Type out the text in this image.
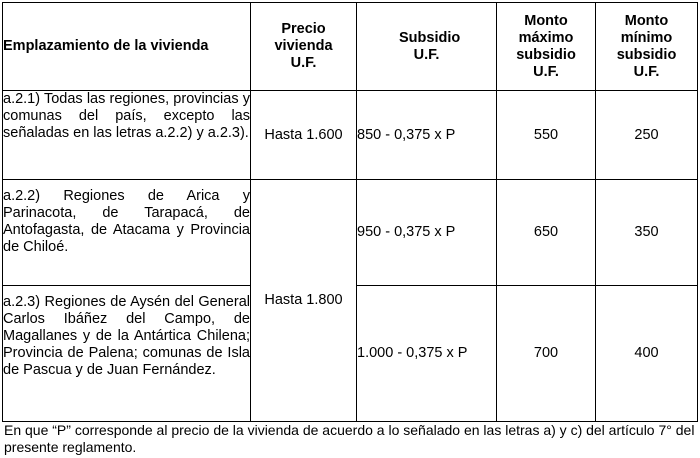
Emplazamiento de la vivienda	Precio vivienda U.F.	Subsidio U.F.	Monto máximo subsidio U.F.	Monto mínimo subsidio U.F.
a.2.1) Todas las regiones, provincias y comunas del país, excepto las señaladas en las letras a.2.2) y a.2.3).	Hasta 1.600	850 - 0,375 x P	550	250
a.2.2) Regiones de Arica y Parinacota, de Tarapacá, de Antofagasta, de Atacama y Provincia de Chiloé.	Hasta 1.800	950 - 0,375 x P	650	350
a.2.3) Regiones de Aysén del General Carlos Ibáñez del Campo, de Magallanes y de la Antártica Chilena; Provincia de Palena; comunas de Isla de Pascua y de Juan Fernández.		1.000 - 0,375 x P	700	400
En que “P” corresponde al precio de la vivienda de acuerdo a lo señalado en las letras a) y c) del artículo 7° del presente reglamento.
